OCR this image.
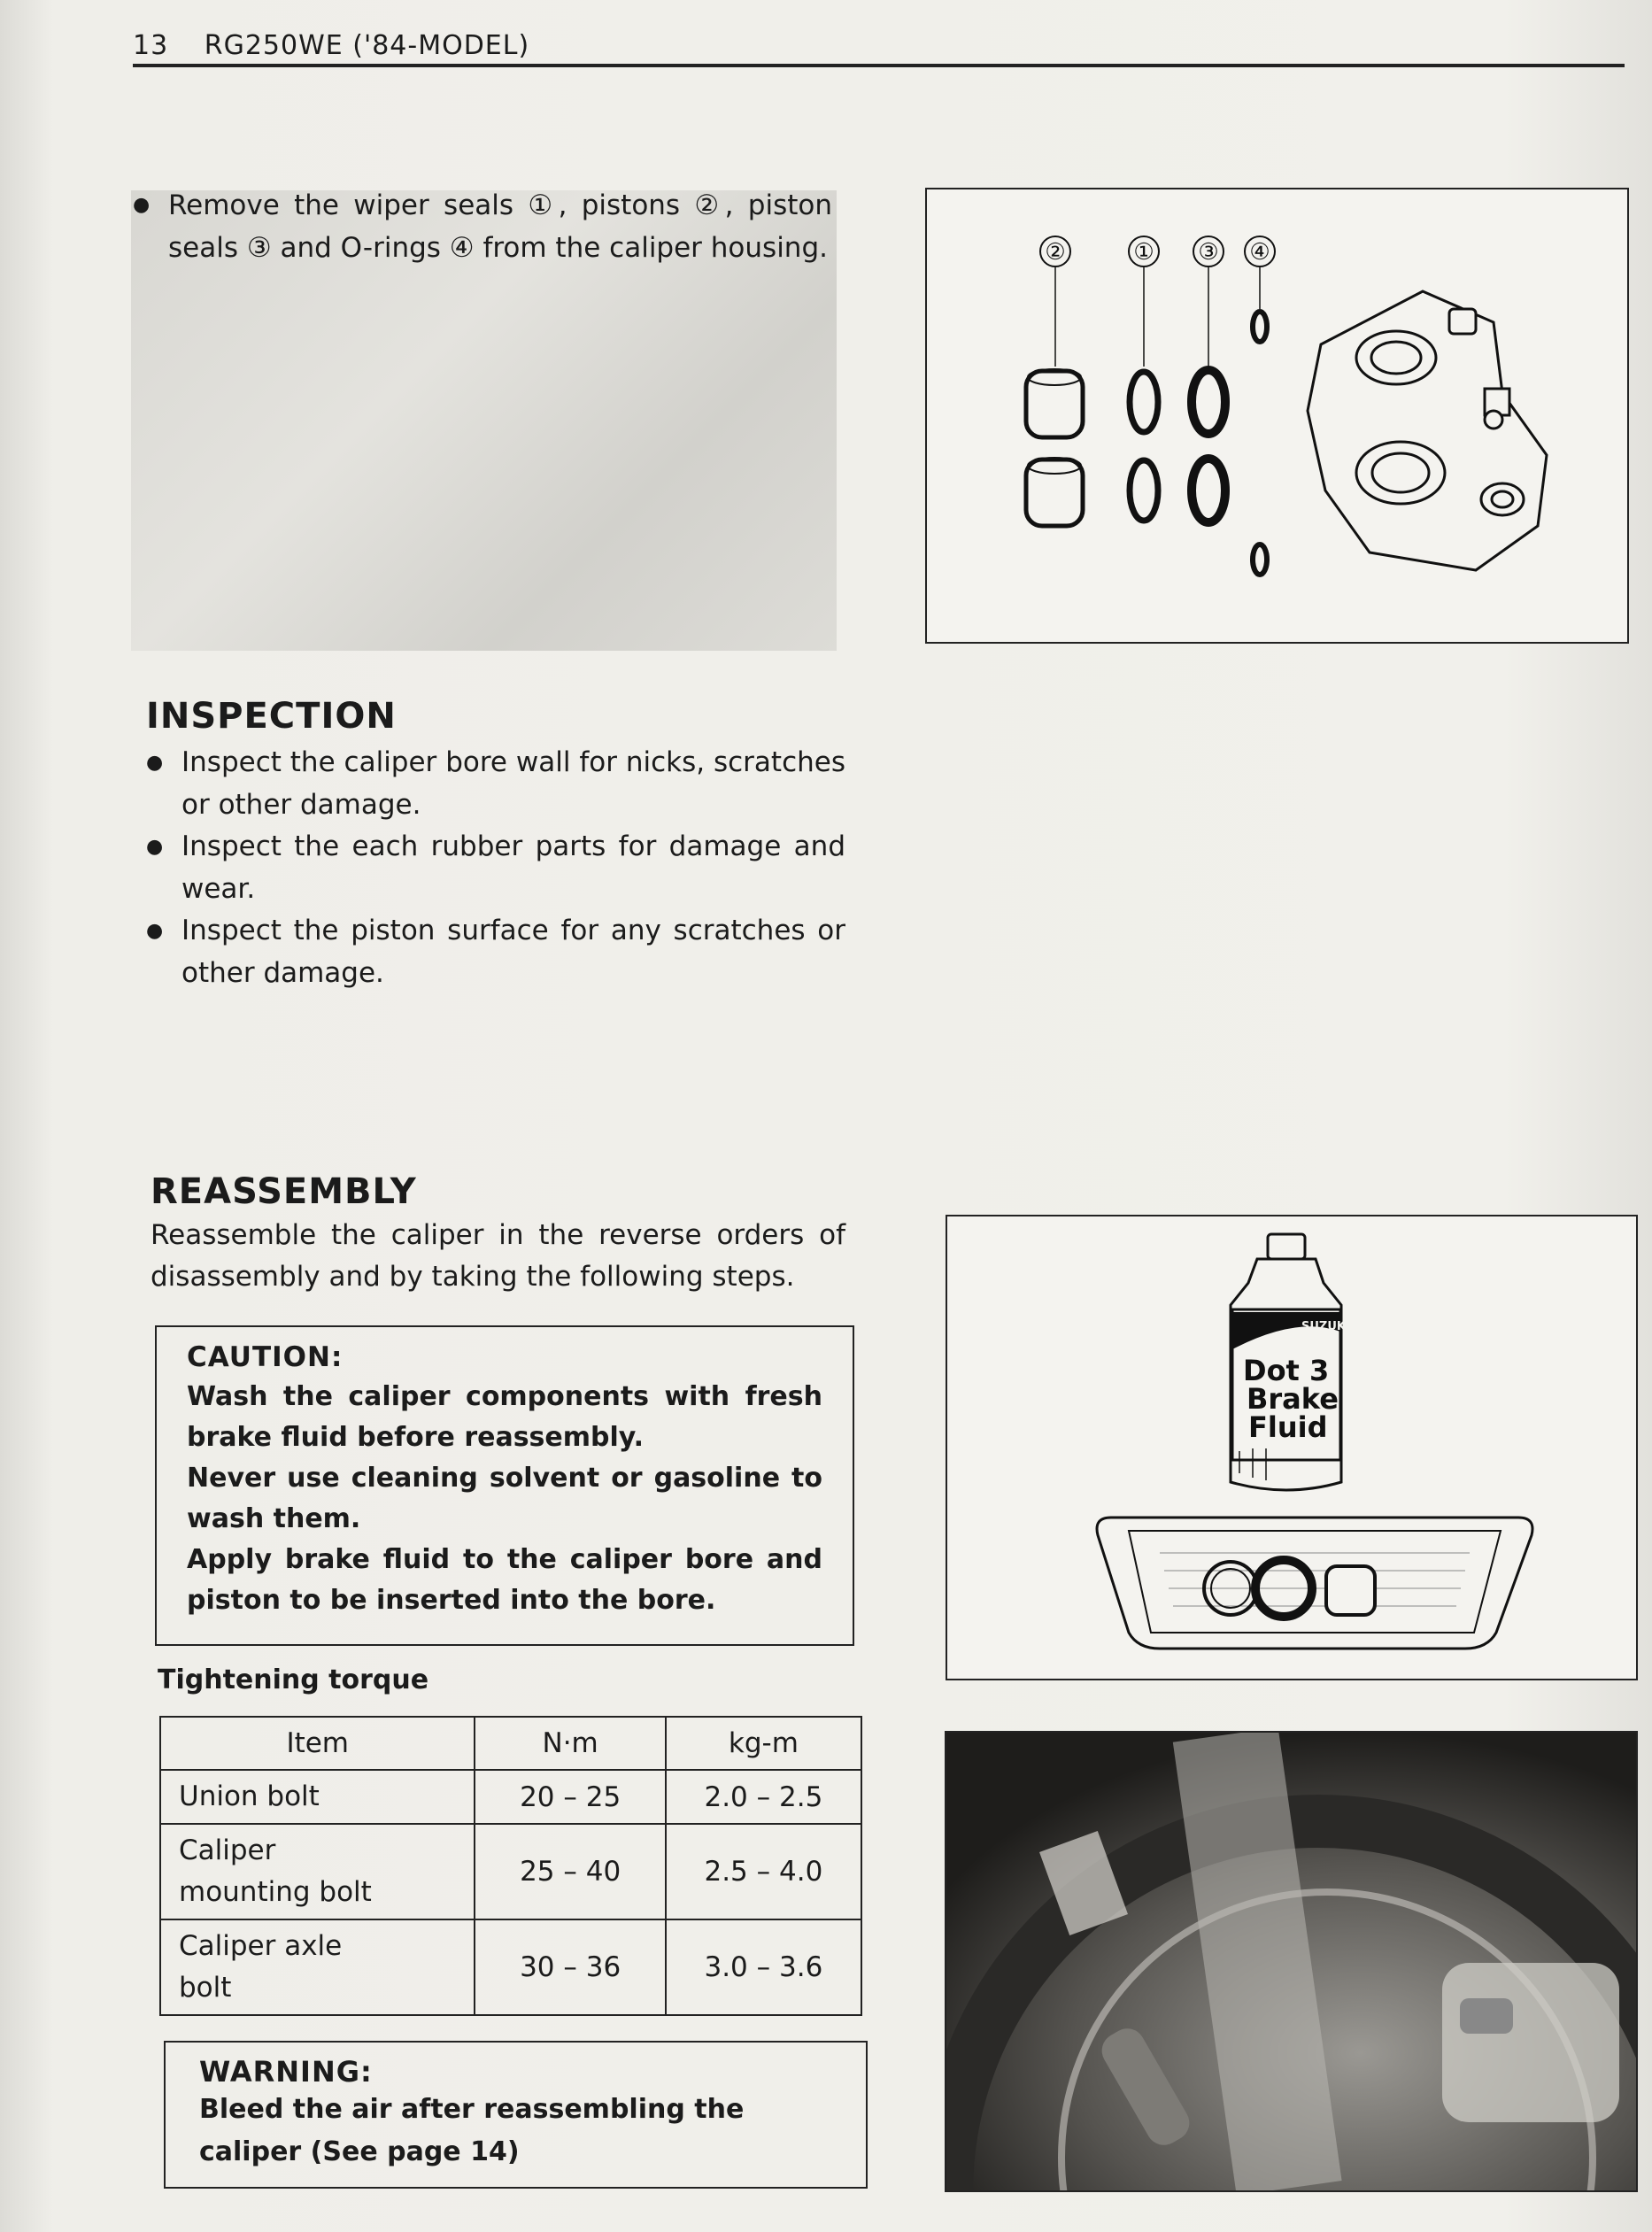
13 RG250WE ('84-MODEL)
● Remove the wiper seals ①, pistons ②, piston seals ③ and O-rings ④ from the caliper housing.	②	① ③ ④
INSPECTION
● Inspect the caliper bore wall for nicks, scratches or other damage.
● Inspect the each rubber parts for damage and wear.
● Inspect the piston surface for any scratches or other damage.
REASSEMBLY
Reassemble the caliper in the reverse orders of disassembly and by taking the following steps.
CAUTION:

Wash the caliper components with fresh brake fluid before reassembly.

Never use cleaning solvent or gasoline to wash them.

Apply brake fluid to the caliper bore and piston to be inserted into the bore.

Tightening torque
Item	N·m	kg-m
Union bolt	20 – 25	2.0 – 2.5
Caliper mounting bolt	25 – 40	2.5 – 4.0
Caliper axle bolt	30 – 36	3.0 – 3.6
WARNING:

Bleed the air after reassembling the caliper (See page 14)

SUZUKI
Dot 3
Brake
Fluid
